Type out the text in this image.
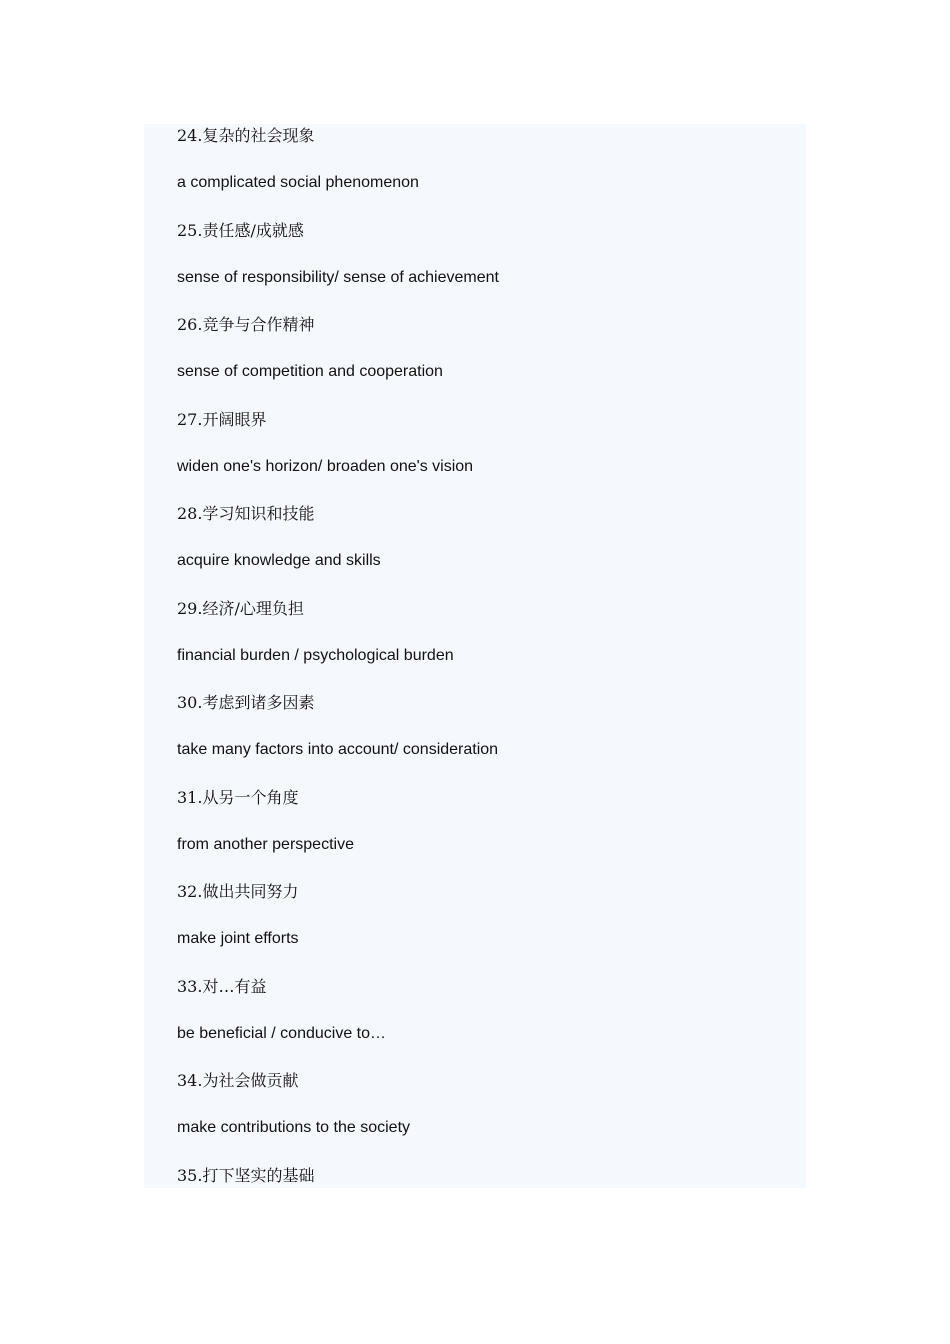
24.复杂的社会现象
a complicated social phenomenon
25.责任感/成就感
sense of responsibility/ sense of achievement
26.竞争与合作精神
sense of competition and cooperation
27.开阔眼界
widen one's horizon/ broaden one's vision
28.学习知识和技能
acquire knowledge and skills
29.经济/心理负担
financial burden / psychological burden
30.考虑到诸多因素
take many factors into account/ consideration
31.从另一个角度
from another perspective
32.做出共同努力
make joint efforts
33.对…有益
be beneficial / conducive to…
34.为社会做贡献
make contributions to the society
35.打下坚实的基础
